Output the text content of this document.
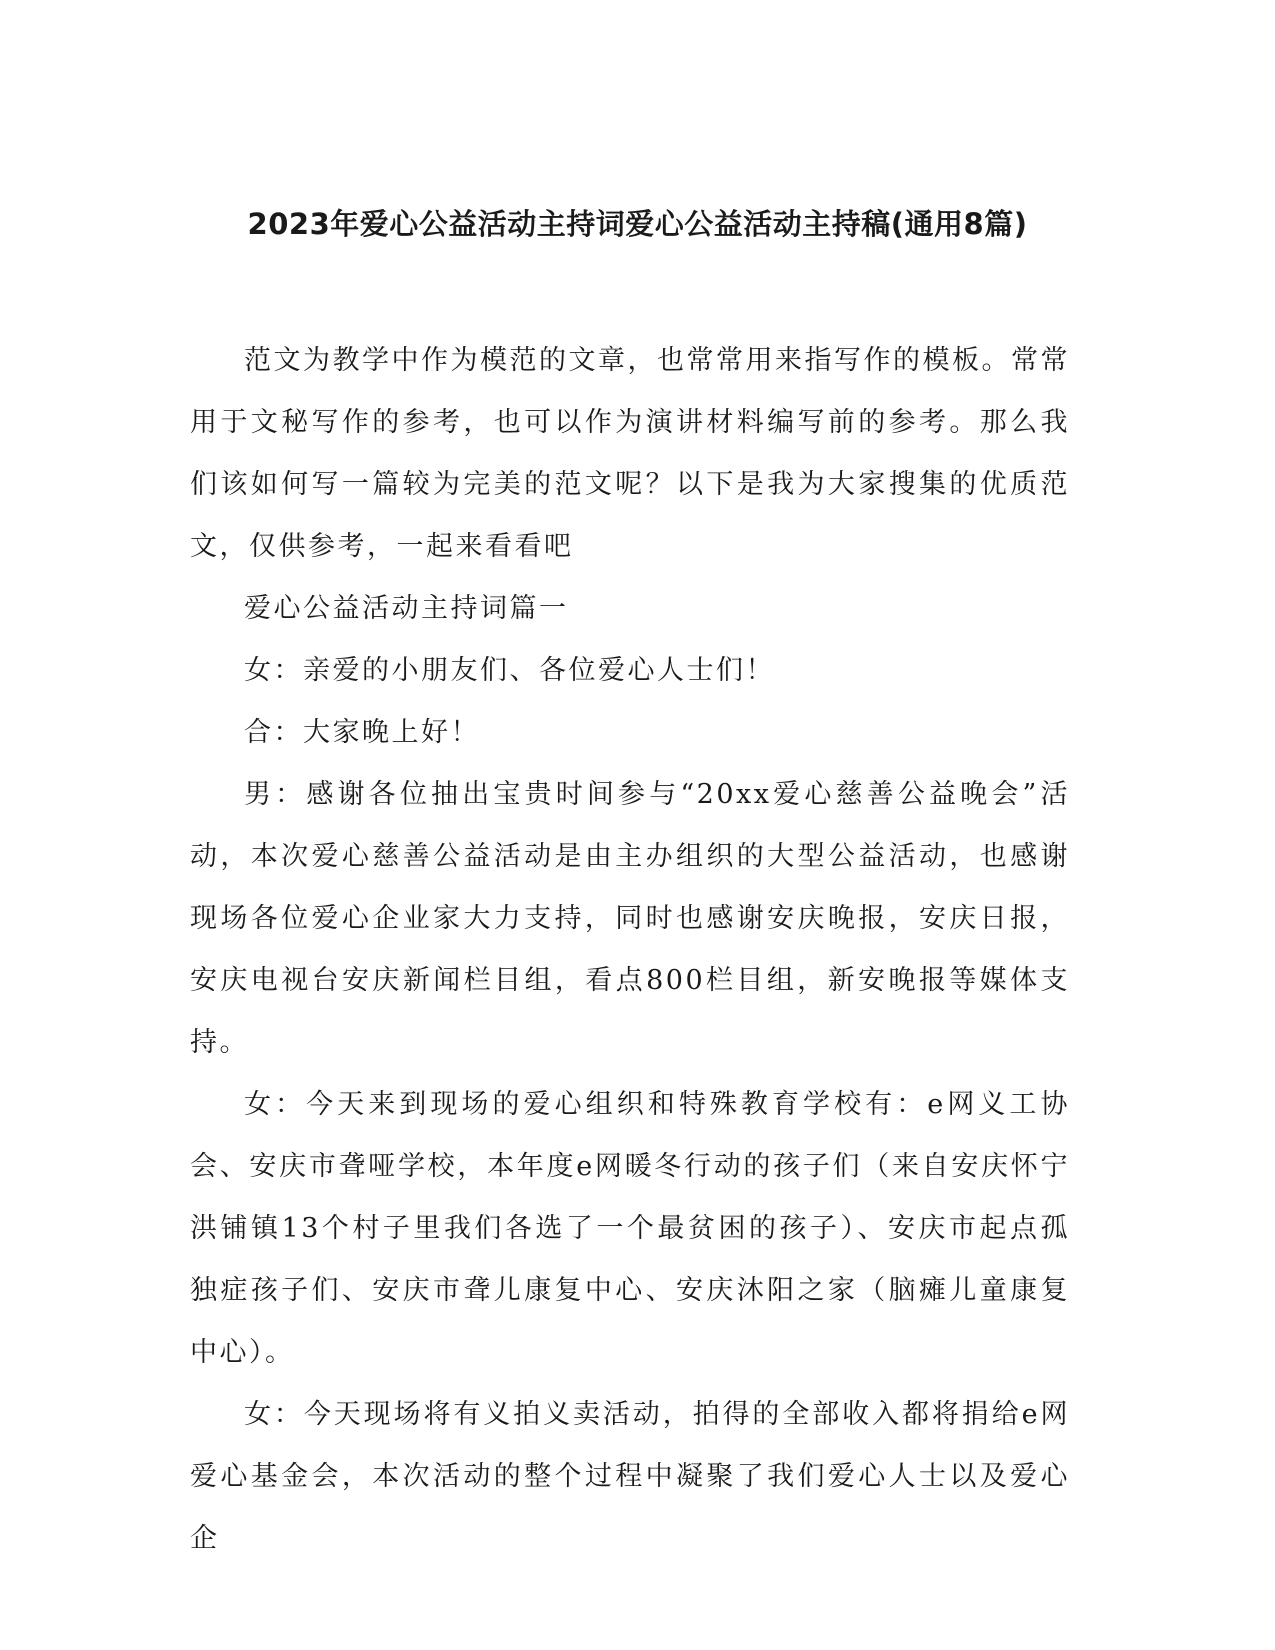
2023年爱心公益活动主持词爱心公益活动主持稿(通用8篇)

范文为教学中作为模范的文章，也常常用来指写作的模板。常常用于文秘写作的参考，也可以作为演讲材料编写前的参考。那么我们该如何写一篇较为完美的范文呢？以下是我为大家搜集的优质范文，仅供参考，一起来看看吧

爱心公益活动主持词篇一

女：亲爱的小朋友们、各位爱心人士们！

合：大家晚上好！

男：感谢各位抽出宝贵时间参与“20xx爱心慈善公益晚会”活动，本次爱心慈善公益活动是由主办组织的大型公益活动，也感谢现场各位爱心企业家大力支持，同时也感谢安庆晚报，安庆日报，安庆电视台安庆新闻栏目组，看点800栏目组，新安晚报等媒体支持。

女：今天来到现场的爱心组织和特殊教育学校有：e网义工协会、安庆市聋哑学校，本年度e网暖冬行动的孩子们（来自安庆怀宁洪铺镇13个村子里我们各选了一个最贫困的孩子）、安庆市起点孤独症孩子们、安庆市聋儿康复中心、安庆沐阳之家（脑瘫儿童康复中心）。

女：今天现场将有义拍义卖活动，拍得的全部收入都将捐给e网爱心基金会，本次活动的整个过程中凝聚了我们爱心人士以及爱心企
